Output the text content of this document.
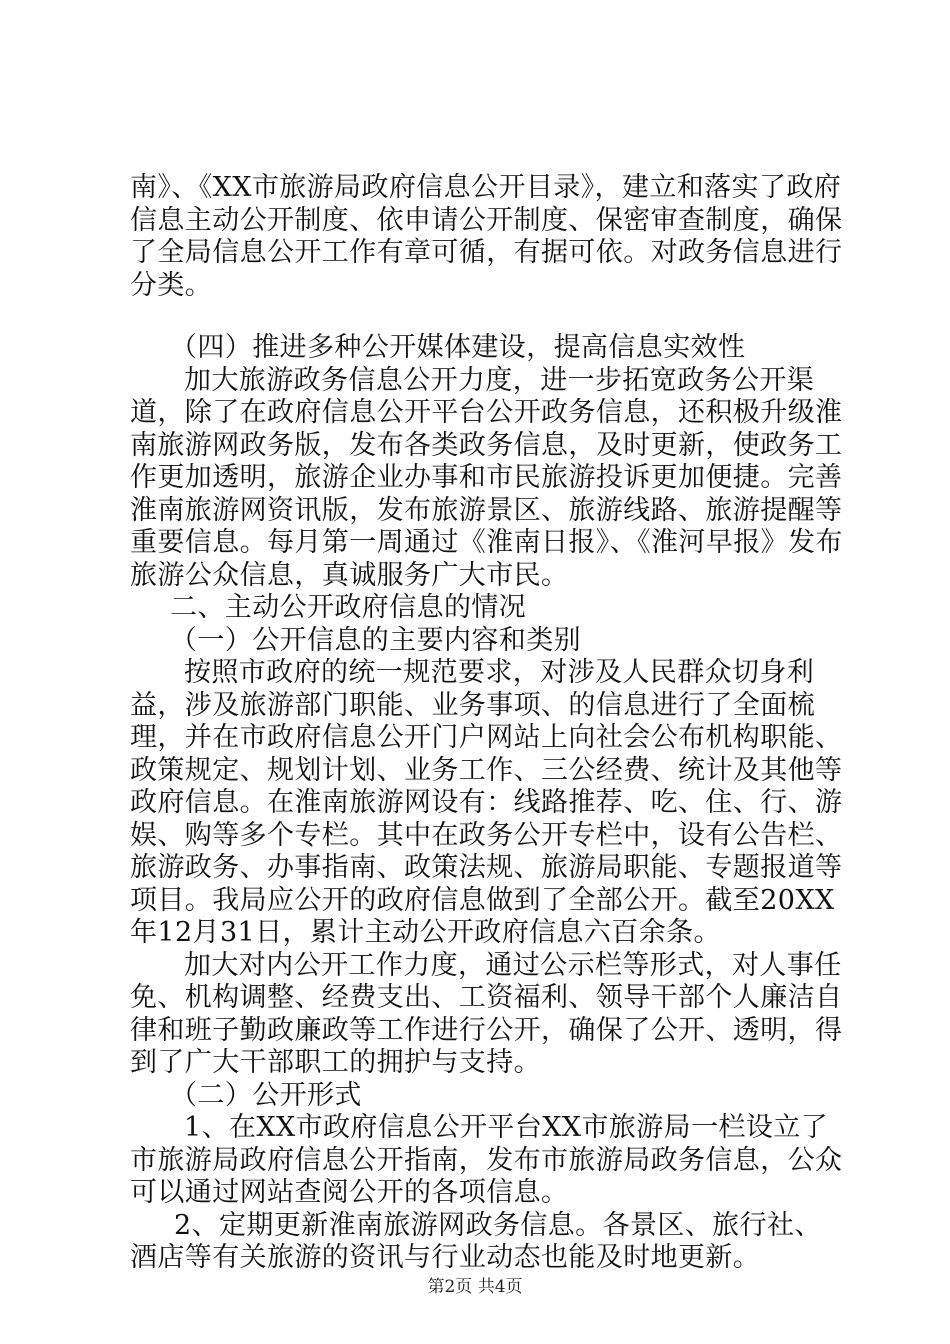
南》、《XX市旅游局政府信息公开目录》，建立和落实了政府信息主动公开制度、依申请公开制度、保密审查制度，确保了全局信息公开工作有章可循，有据可依。对政务信息进行分类。

（四）推进多种公开媒体建设，提高信息实效性

加大旅游政务信息公开力度，进一步拓宽政务公开渠道，除了在政府信息公开平台公开政务信息，还积极升级淮南旅游网政务版，发布各类政务信息，及时更新，使政务工作更加透明，旅游企业办事和市民旅游投诉更加便捷。完善淮南旅游网资讯版，发布旅游景区、旅游线路、旅游提醒等重要信息。每月第一周通过《淮南日报》、《淮河早报》发布旅游公众信息，真诚服务广大市民。

二、主动公开政府信息的情况

（一）公开信息的主要内容和类别

按照市政府的统一规范要求，对涉及人民群众切身利益，涉及旅游部门职能、业务事项、的信息进行了全面梳理，并在市政府信息公开门户网站上向社会公布机构职能、政策规定、规划计划、业务工作、三公经费、统计及其他等政府信息。在淮南旅游网设有：线路推荐、吃、住、行、游娱、购等多个专栏。其中在政务公开专栏中，设有公告栏、旅游政务、办事指南、政策法规、旅游局职能、专题报道等项目。我局应公开的政府信息做到了全部公开。截至20XX年12月31日，累计主动公开政府信息六百余条。

加大对内公开工作力度，通过公示栏等形式，对人事任免、机构调整、经费支出、工资福利、领导干部个人廉洁自律和班子勤政廉政等工作进行公开，确保了公开、透明，得到了广大干部职工的拥护与支持。

（二）公开形式

1、在XX市政府信息公开平台XX市旅游局一栏设立了市旅游局政府信息公开指南，发布市旅游局政务信息，公众可以通过网站查阅公开的各项信息。

2、定期更新淮南旅游网政务信息。各景区、旅行社、酒店等有关旅游的资讯与行业动态也能及时地更新。

第2页 共4页
